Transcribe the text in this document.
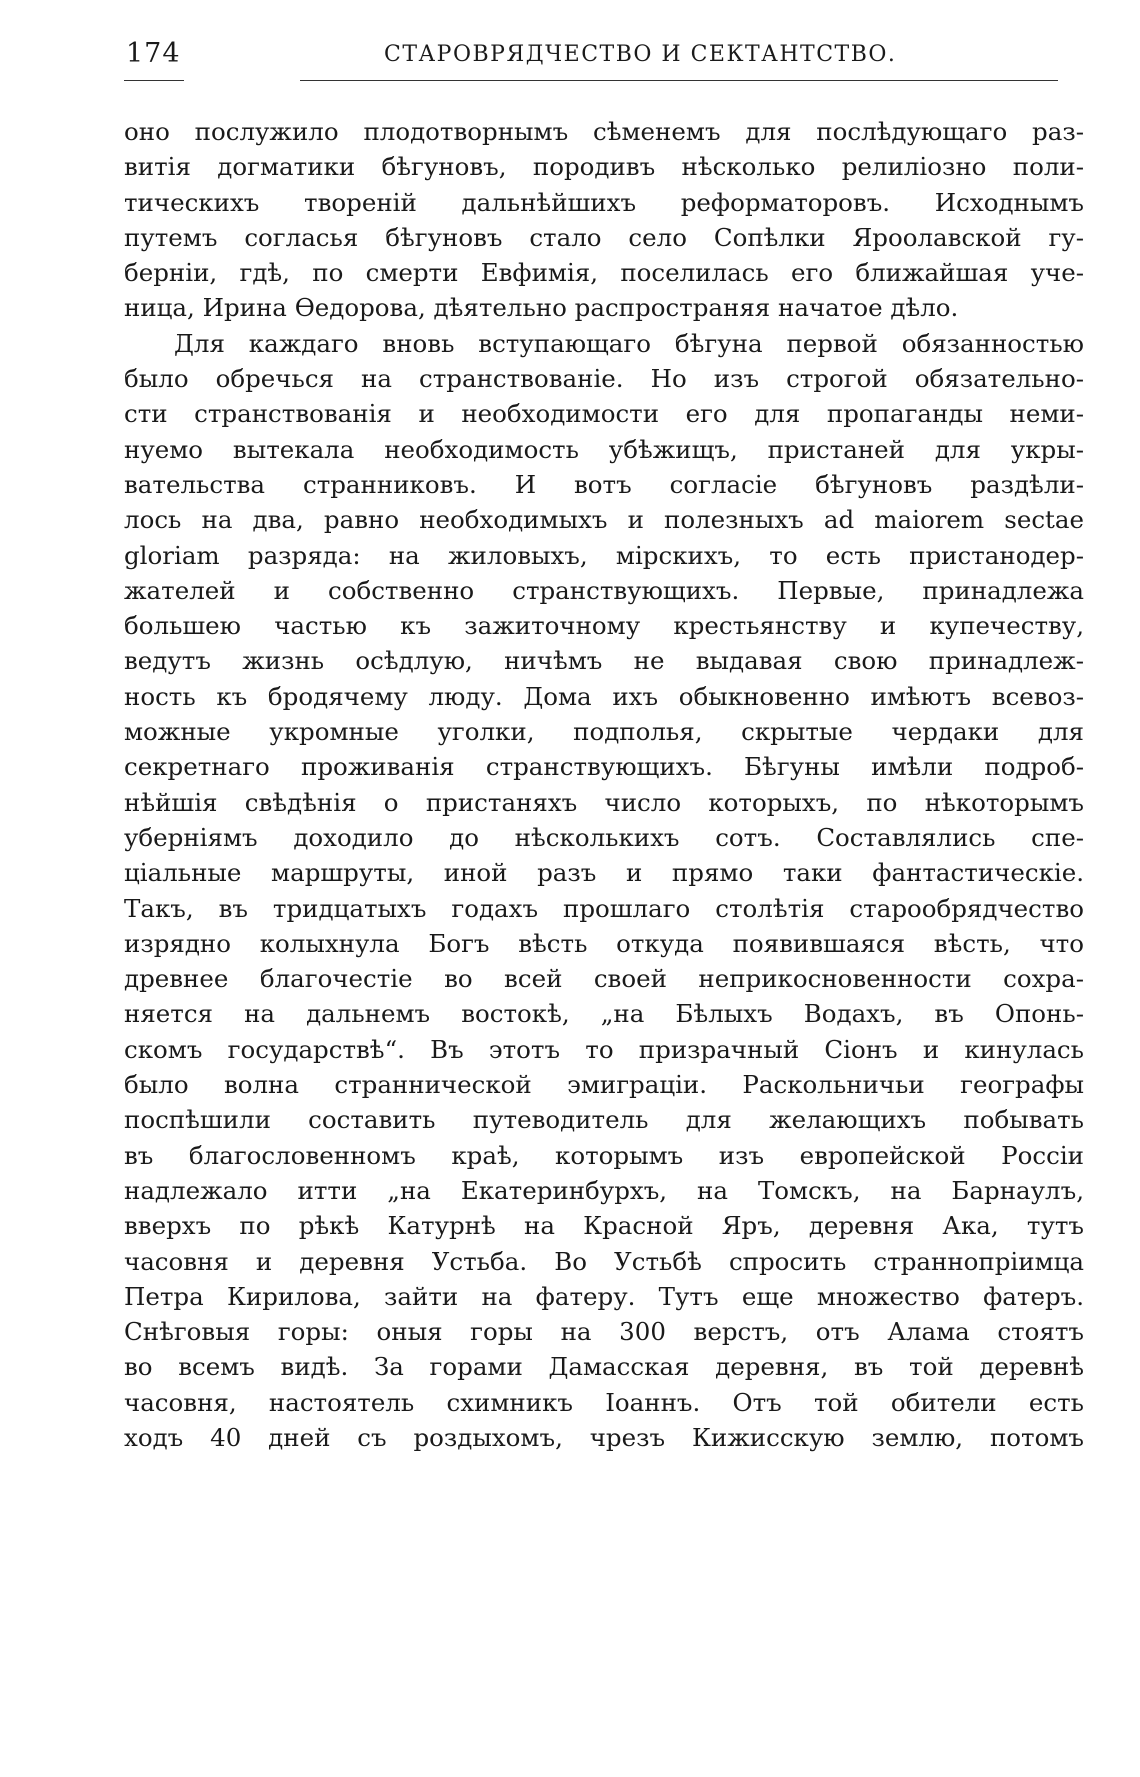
174	СТАРОВРЯДЧЕСТВО И СЕКТАНТСТВО.
оно послужило плодотворнымъ сѣмeнемъ для послѣдующаго раз-
витія догматики бѣгуновъ, породивъ нѣсколько релиліозно поли-
тическихъ твореній дальнѣйшихъ реформаторовъ. Исходнымъ
путемъ согласья бѣгуновъ стало село Сопѣлки Яроолавской гу-
берніи, гдѣ, по смерти Евфимія, поселилась его ближайшая уче-
ница, Ирина Өедорова, дѣятельно распространяя начатое дѣло.
Для каждаго вновь вступающаго бѣгуна первой обязанностью
было обречься на странствованіе. Но изъ строгой обязательно-
сти странствованія и необходимости его для пропаганды неми-
нуемо вытекала необходимость убѣжищъ, пристаней для укры-
вательства странниковъ. И вотъ согласіе бѣгуновъ раздѣли-
лось на два, равно необходимыхъ и полезныхъ ad maiorem sectae
gloriam разряда: на жиловыхъ, мірскихъ, то есть пристанодер-
жателей и собственно странствующихъ. Первые, принадлежа
большею частью къ зажиточному крестьянству и купечеству,
ведутъ жизнь осѣдлую, ничѣмъ не выдавая свою принадлеж-
ность къ бродячему люду. Дома ихъ обыкновенно имѣютъ всевоз-
можные укромные уголки, подполья, скрытые чердаки для
секретнаго проживанія странствующихъ. Бѣгуны имѣли подроб-
нѣйшія свѣдѣнія о пристаняхъ число которыхъ, по нѣкоторымъ
уберніямъ доходило до нѣсколькихъ сотъ. Составлялись спе-
ціальные маршруты, иной разъ и прямо таки фантастическіе.
Такъ, въ тридцатыхъ годахъ прошлаго столѣтія старообрядчество
изрядно колыхнула Богъ вѣсть откуда появившаяся вѣсть, что
древнее благочестіе во всей своей неприкосновенности сохра-
няется на дальнемъ востокѣ, „на Бѣлыхъ Водахъ, въ Опонь-
скомъ государствѣ“. Въ этотъ то призрачный Сіонъ и кинулась
было волна страннической эмиграціи. Раскольничьи географы
поспѣшили составить путеводитель для желающихъ побывать
въ благословенномъ краѣ, которымъ изъ европейской Россіи
надлежало итти „на Екатеринбурхъ, на Томскъ, на Барнаулъ,
вверхъ по рѣкѣ Катурнѣ на Красной Яръ, деревня Ака, тутъ
часовня и деревня Устьба. Во Устьбѣ спросить страннопріимца
Петра Кирилова, зайти на фатеру. Тутъ еще множество фатеръ.
Снѣговыя горы: оныя горы на 300 верстъ, отъ Алама стоятъ
во всемъ видѣ. За горами Дамасская деревня, въ той деревнѣ
часовня, настоятель схимникъ Іоаннъ. Отъ той обители есть
ходъ 40 дней съ роздыхомъ, чрезъ Кижисскую землю, потомъ
